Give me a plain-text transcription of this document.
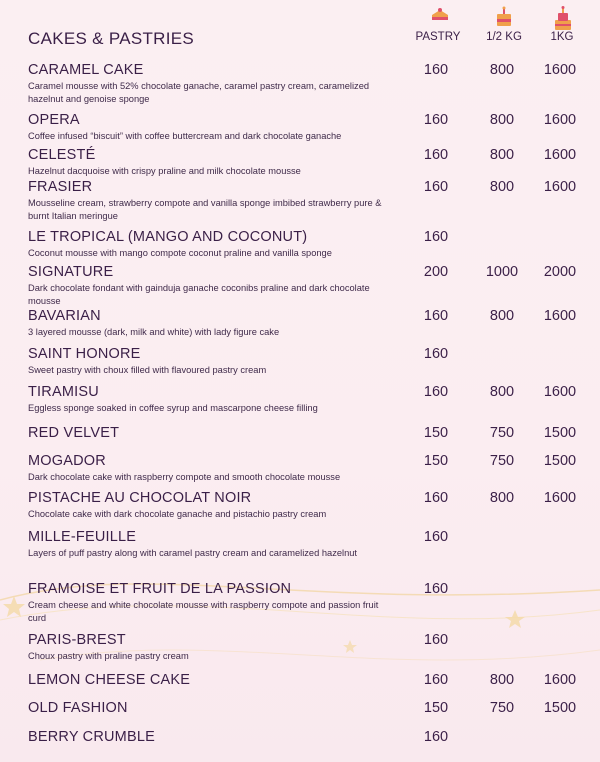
CAKES & PASTRIES	PASTRY	1/2 KG	1KG
CARAMEL CAKE
Caramel mousse with 52% chocolate ganache, caramel pastry cream, caramelized hazelnut and genoise sponge
160	800	1600
OPERA
Coffee infused “biscuit” with coffee buttercream and dark chocolate ganache
160	800	1600
CELESTÉ
Hazelnut dacquoise with crispy praline and milk chocolate mousse
160	800	1600
FRASIER
Mousseline cream, strawberry compote and vanilla sponge imbibed strawberry pure & burnt Italian meringue
160	800	1600
LE TROPICAL (MANGO AND COCONUT)
Coconut mousse with mango compote coconut praline and vanilla sponge
160
SIGNATURE
Dark chocolate fondant with gainduja ganache coconibs praline and dark chocolate mousse
200	1000	2000
BAVARIAN
3 layered mousse (dark, milk and white) with lady figure cake
160	800	1600
SAINT HONORE
Sweet pastry with choux filled with flavoured pastry cream
160
TIRAMISU
Eggless sponge soaked in coffee syrup and mascarpone cheese filling
160	800	1600
RED VELVET	150	750	1500
MOGADOR
Dark chocolate cake with raspberry compote and smooth chocolate mousse
150	750	1500
PISTACHE AU CHOCOLAT NOIR
Chocolate cake with dark chocolate ganache and pistachio pastry cream
160	800	1600
MILLE-FEUILLE
Layers of puff pastry along with caramel pastry cream and caramelized hazelnut
160
FRAMOISE ET FRUIT DE LA PASSION
Cream cheese and white chocolate mousse with raspberry compote and passion fruit curd
160
PARIS-BREST
Choux pastry with praline pastry cream
160
LEMON CHEESE CAKE	160	800	1600
OLD FASHION	150	750	1500
BERRY CRUMBLE	160
